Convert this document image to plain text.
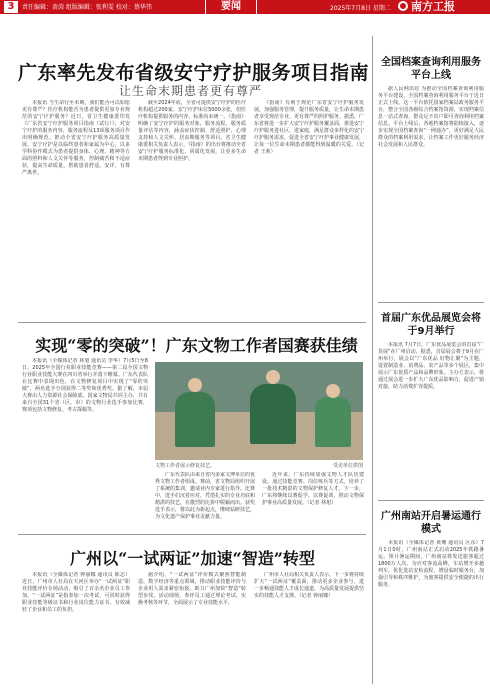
3	责任编辑：黄茵 组版编辑：张利雯 校对：蔡华伟	要闻	2025年7月8日 星期二	南方工报
广东率先发布省级安宁疗护服务项目指南
让生命末期患者更有尊严

本报讯 当生命行至末期，我们能否可以如愿更有尊严？医疗机构能否为患者提供更加专业规范的安宁疗护服务？近日，省卫生健康委印发《广东省安宁疗护服务项目指南（试行）》，对安宁疗护的服务内容、服务流程及13项服务项目作出明确规范，推动全省安宁疗护服务高质量发展。安宁疗护是以临终患者和家属为中心，以多学科协作模式为患者提供身体、心理、精神等方面的照料和人文关怀等服务，控制痛苦和不适症状，提高生命质量，帮助患者舒适、安详、有尊严离世。

截至2024年底，全省可提供安宁疗护的医疗机构超过200家，安宁疗护床位5000余张，但医疗机构提供服务的内容、标准尚未统一。《指南》明确了安宁疗护的服务对象、服务流程、服务质量评估等内容，涵盖症状控制、舒适照护、心理支持和人文关怀、居丧期服务等项目。省卫生健康委相关负责人表示，《指南》的出台将推动全省安宁疗护服务标准化、同质化发展，让更多生命末期患者得到专业照护。

《指南》有利于规范广东省安宁疗护服务发展，加强服务管理，提升服务质量，让生命末期患者享受规范专业、更有尊严的照护服务。据悉，广东省将进一步扩大安宁疗护服务覆盖面，推进安宁疗护服务进社区、进家庭，满足群众多样化的安宁疗护服务需求，促进全省安宁疗护事业健康发展，让每一位生命末期患者都能得到温暖的关爱。（记者 王莉）

实现“零的突破”！广东文物工作者国赛获佳绩

本报讯（全媒体记者 林旭 通讯员 李华）7月5日至8日，2025年全国行业职业技能竞赛——第二届全国文物行业职业技能大赛在四川省举行并落下帷幕。广东代表队在比赛中表现出色，在文物修复项目中实现了“零的突破”，两名选手分别获得二等奖和优秀奖。据了解，本届大赛由人力资源社会保障部、国家文物局共同主办，共有来自全国31个省（区、市）的文物行业选手参加比赛，赛项包括文物修复、考古探掘等。

文物工作者展示修复技艺。	受访单位供图

广东代表队由来自省内多家文博单位的优秀文物工作者组成。赛前，省文物局组织开展了系统的集训，邀请业内专家进行指导。比赛中，选手们沉着应对，凭借扎实的专业功底和精湛的技艺，在激烈的比拼中脱颖而出。获奖选手表示，将以此为新起点，继续钻研技艺，为文化遗产保护事业贡献力量。

近年来，广东持续加强文物人才队伍建设，通过技能竞赛、岗位练兵等方式，培养了一批技术精湛的文物保护修复人才。下一步，广东将继续以赛促学、以赛促训，推动文物保护事业高质量发展。（记者 林旭）

广州以“一试两证”加速“智造”转型

本报讯（全媒体记者 钟丽娜 通讯员 陈志）近日，广州市人社局在天河区举办“一试两证”职业技能评价专场活动，吸引了百余名企业员工参加。“一试两证”是指参加一次考试，可同时获得职业技能等级证书和行业岗位能力证书，有效减轻了企业和员工的负担。

据介绍，“一试两证”评价模式聚焦智能制造、数字经济等重点领域，推动职业技能评价与企业用人需求紧密衔接，助力广州加快“智造”转型步伐。活动现场，参评员工通过理论考试、实操考核等环节，全面展示了专业技能水平。

广州市人社局相关负责人表示，下一步将持续扩大“一试两证”覆盖面，推动更多企业参与，进一步畅通技能人才成长通道，为高质量发展提供坚实的技能人才支撑。（记者 钟丽娜）

全国档案查询利用服务平台上线

据人民网消息 为推动全国档案查询利用服务平台建设，全国档案查询利用服务平台于近日正式上线。这一平台依托国家档案局政务服务平台，整合全国各级综合档案馆资源，实现档案信息一站式查询，群众足不出户即可查询利用档案信息。平台上线后，各地档案馆将陆续接入，逐步实现全国档案查询“一网通办”，更好满足人民群众的档案利用需求，让档案工作更好服务经济社会发展和人民群众。

首届广东优品展览会将于9月举行

本报讯 7月7日，广东优品展览会的首届“广货展”在广州启动。据悉，首届展会将于9月在广州举行，展会以“广东优品 好物汇聚”为主题，设置制造业、消费品、农产品等多个展区，集中展示广东优质产品和品牌形象。主办方表示，将通过展会进一步扩大广东优品影响力，促进产销对接，助力消费扩容提质。

广州南站开启暑运通行模式

本报讯（全媒体记者 黄珊 通讯员 区东）7月1日0时，广州南站正式启动2025年铁路暑运。预计暑运期间，广州南站将发送旅客超过1800万人次。为应对客流高峰，车站增开多趟列车，优化进站安检流程，增设临时服务台，加强引导和秩序维护，为旅客提供安全便捷的出行服务。
